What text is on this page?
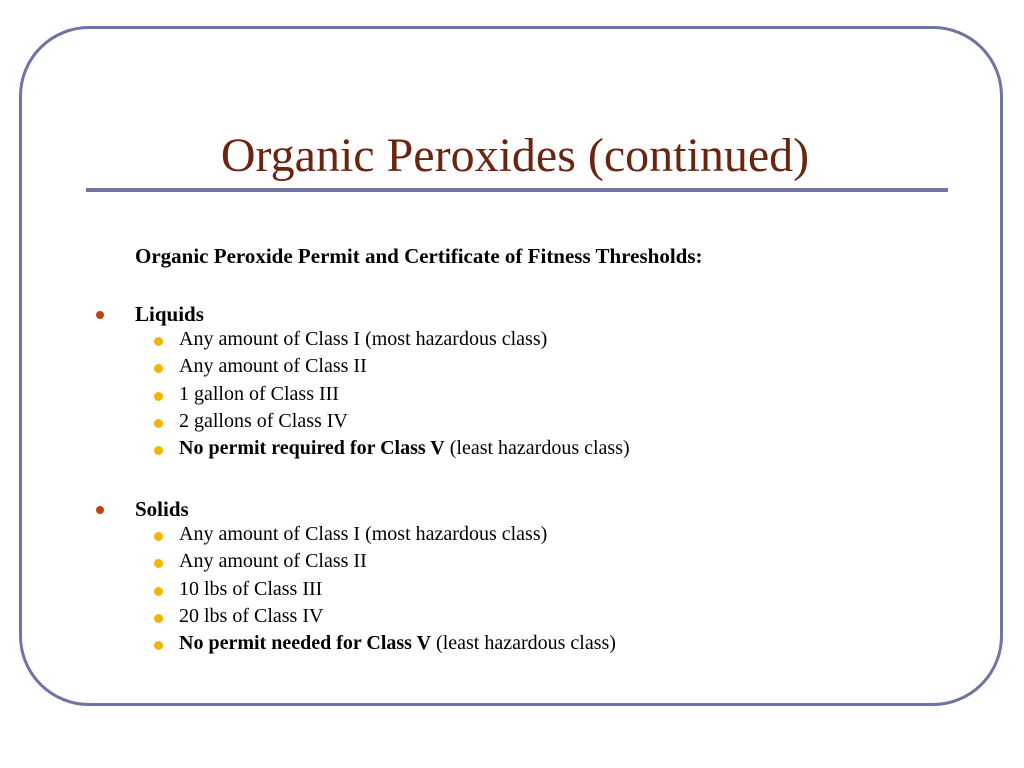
Organic Peroxides (continued)
Organic Peroxide Permit and Certificate of Fitness Thresholds:
Liquids
Any amount of Class I (most hazardous class)
Any amount of Class II
1 gallon of Class III
2 gallons of Class IV
No permit required for Class V (least hazardous class)
Solids
Any amount of Class I (most hazardous class)
Any amount of Class II
10 lbs of Class III
20 lbs of Class IV
No permit needed for Class V (least hazardous class)
